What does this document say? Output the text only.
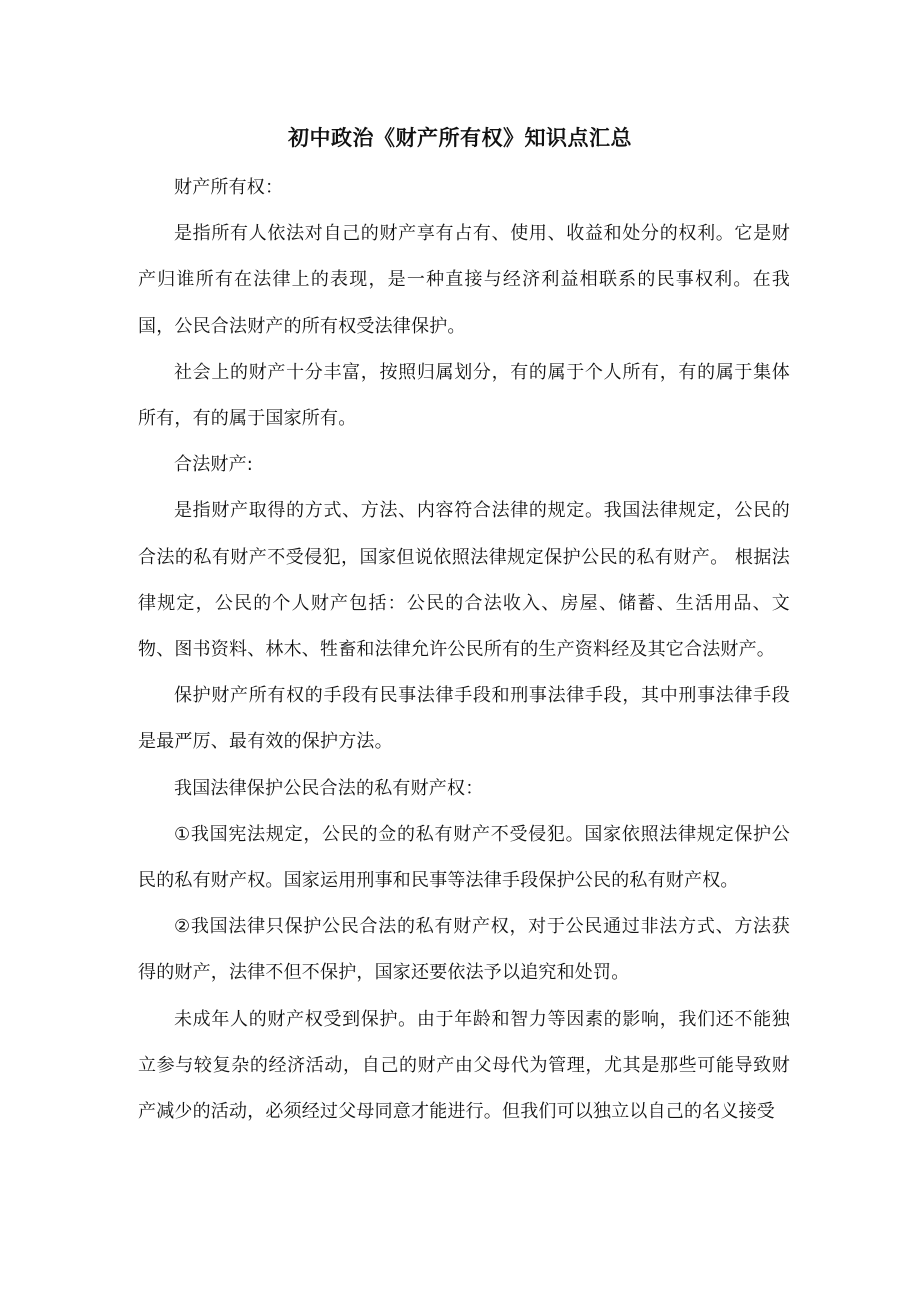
初中政治《财产所有权》知识点汇总

财产所有权：

是指所有人依法对自己的财产享有占有、使用、收益和处分的权利。它是财产归谁所有在法律上的表现，是一种直接与经济利益相联系的民事权利。在我国，公民合法财产的所有权受法律保护。

社会上的财产十分丰富，按照归属划分，有的属于个人所有，有的属于集体所有，有的属于国家所有。

合法财产:

是指财产取得的方式、方法、内容符合法律的规定。我国法律规定，公民的合法的私有财产不受侵犯，国家但说依照法律规定保护公民的私有财产。 根据法律规定，公民的个人财产包括：公民的合法收入、房屋、储蓄、生活用品、文物、图书资料、林木、牲畜和法律允许公民所有的生产资料经及其它合法财产。

保护财产所有权的手段有民事法律手段和刑事法律手段，其中刑事法律手段是最严厉、最有效的保护方法。

我国法律保护公民合法的私有财产权：

①我国宪法规定，公民的佥的私有财产不受侵犯。国家依照法律规定保护公民的私有财产权。国家运用刑事和民事等法律手段保护公民的私有财产权。

②我国法律只保护公民合法的私有财产权，对于公民通过非法方式、方法获得的财产，法律不但不保护，国家还要依法予以追究和处罚。

未成年人的财产权受到保护。由于年龄和智力等因素的影响，我们还不能独立参与较复杂的经济活动，自己的财产由父母代为管理，尤其是那些可能导致财产减少的活动，必须经过父母同意才能进行。但我们可以独立以自己的名义接受
